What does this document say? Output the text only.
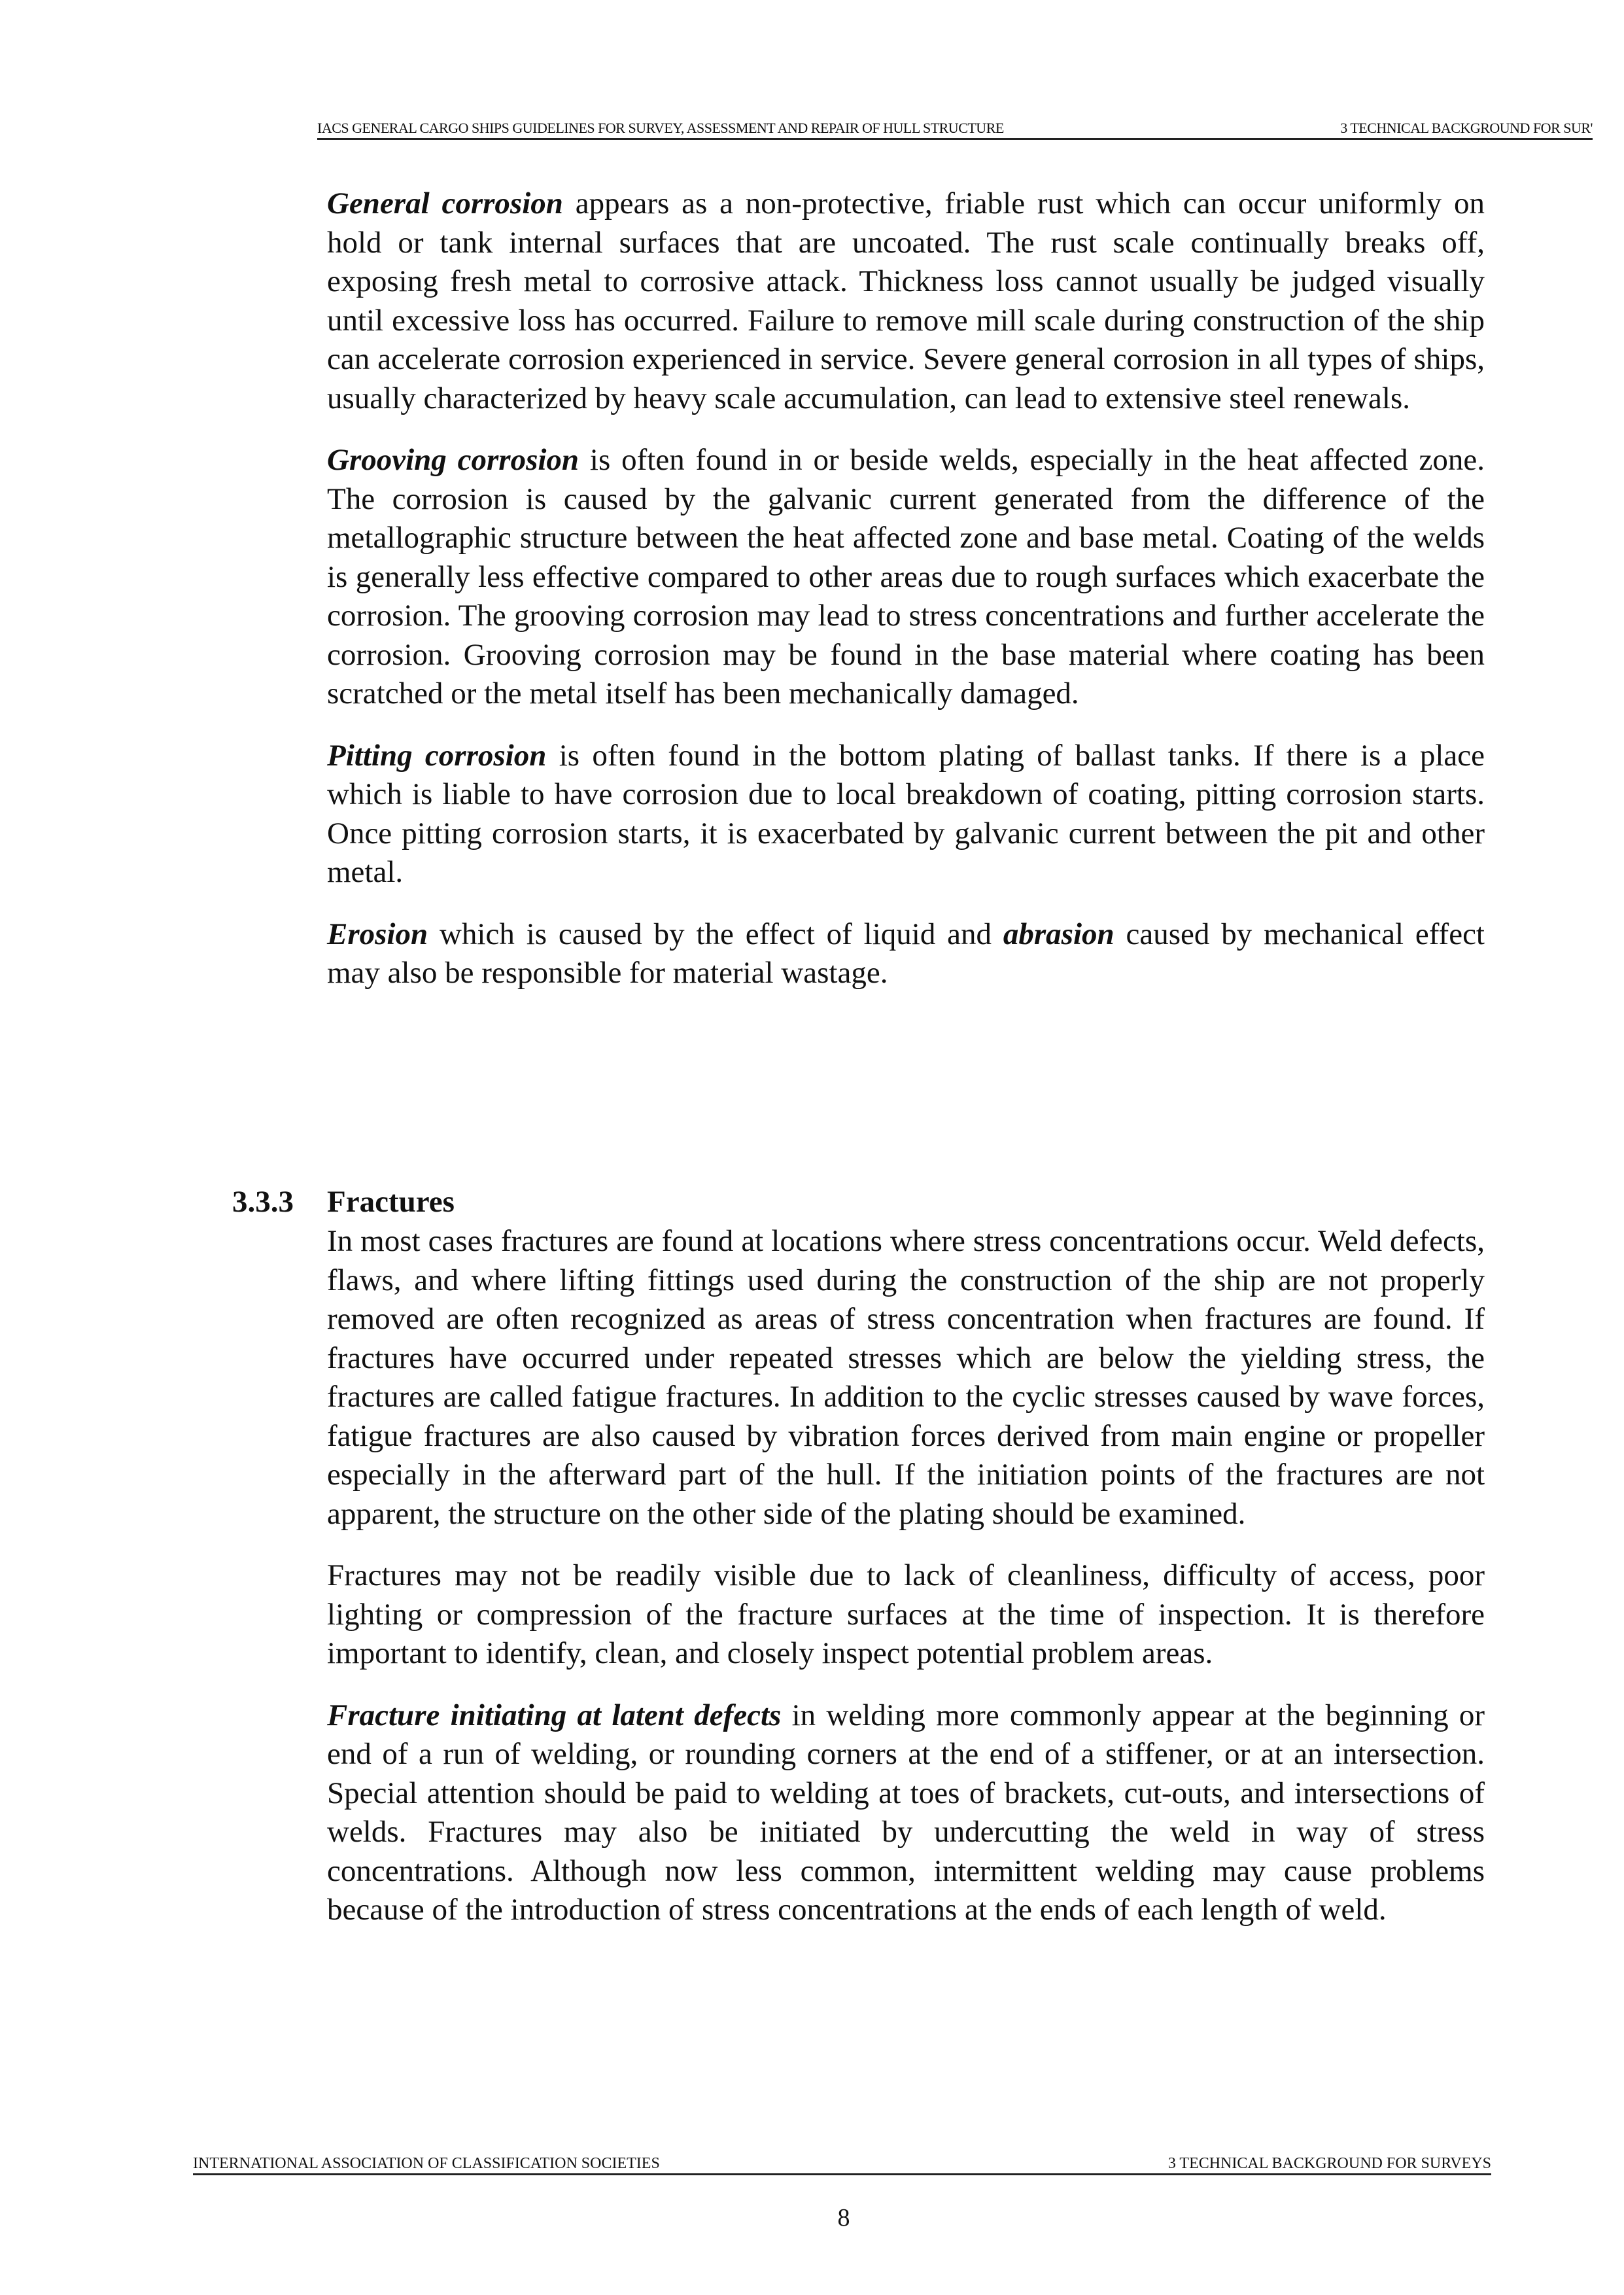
IACS GENERAL CARGO SHIPS GUIDELINES FOR SURVEY, ASSESSMENT AND REPAIR OF HULL STRUCTURE	3 TECHNICAL BACKGROUND FOR SUR'

General corrosion appears as a non-protective, friable rust which can occur uniformly on hold or tank internal surfaces that are uncoated. The rust scale continually breaks off, exposing fresh metal to corrosive attack. Thickness loss cannot usually be judged visually until excessive loss has occurred. Failure to remove mill scale during construction of the ship can accelerate corrosion experienced in service. Severe general corrosion in all types of ships, usually characterized by heavy scale accumulation, can lead to extensive steel renewals.

Grooving corrosion is often found in or beside welds, especially in the heat affected zone. The corrosion is caused by the galvanic current generated from the difference of the metallographic structure between the heat affected zone and base metal. Coating of the welds is generally less effective compared to other areas due to rough surfaces which exacerbate the corrosion. The grooving corrosion may lead to stress concentrations and further accelerate the corrosion. Grooving corrosion may be found in the base material where coating has been scratched or the metal itself has been mechanically damaged.

Pitting corrosion is often found in the bottom plating of ballast tanks. If there is a place which is liable to have corrosion due to local breakdown of coating, pitting corrosion starts. Once pitting corrosion starts, it is exacerbated by galvanic current between the pit and other metal.

Erosion which is caused by the effect of liquid and abrasion caused by mechanical effect may also be responsible for material wastage.

3.3.3 Fractures

In most cases fractures are found at locations where stress concentrations occur. Weld defects, flaws, and where lifting fittings used during the construction of the ship are not properly removed are often recognized as areas of stress concentration when fractures are found. If fractures have occurred under repeated stresses which are below the yielding stress, the fractures are called fatigue fractures. In addition to the cyclic stresses caused by wave forces, fatigue fractures are also caused by vibration forces derived from main engine or propeller especially in the afterward part of the hull. If the initiation points of the fractures are not apparent, the structure on the other side of the plating should be examined.

Fractures may not be readily visible due to lack of cleanliness, difficulty of access, poor lighting or compression of the fracture surfaces at the time of inspection. It is therefore important to identify, clean, and closely inspect potential problem areas.

Fracture initiating at latent defects in welding more commonly appear at the beginning or end of a run of welding, or rounding corners at the end of a stiffener, or at an intersection. Special attention should be paid to welding at toes of brackets, cut-outs, and intersections of welds. Fractures may also be initiated by undercutting the weld in way of stress concentrations. Although now less common, intermittent welding may cause problems because of the introduction of stress concentrations at the ends of each length of weld.

INTERNATIONAL ASSOCIATION OF CLASSIFICATION SOCIETIES	3 TECHNICAL BACKGROUND FOR SURVEYS
8
